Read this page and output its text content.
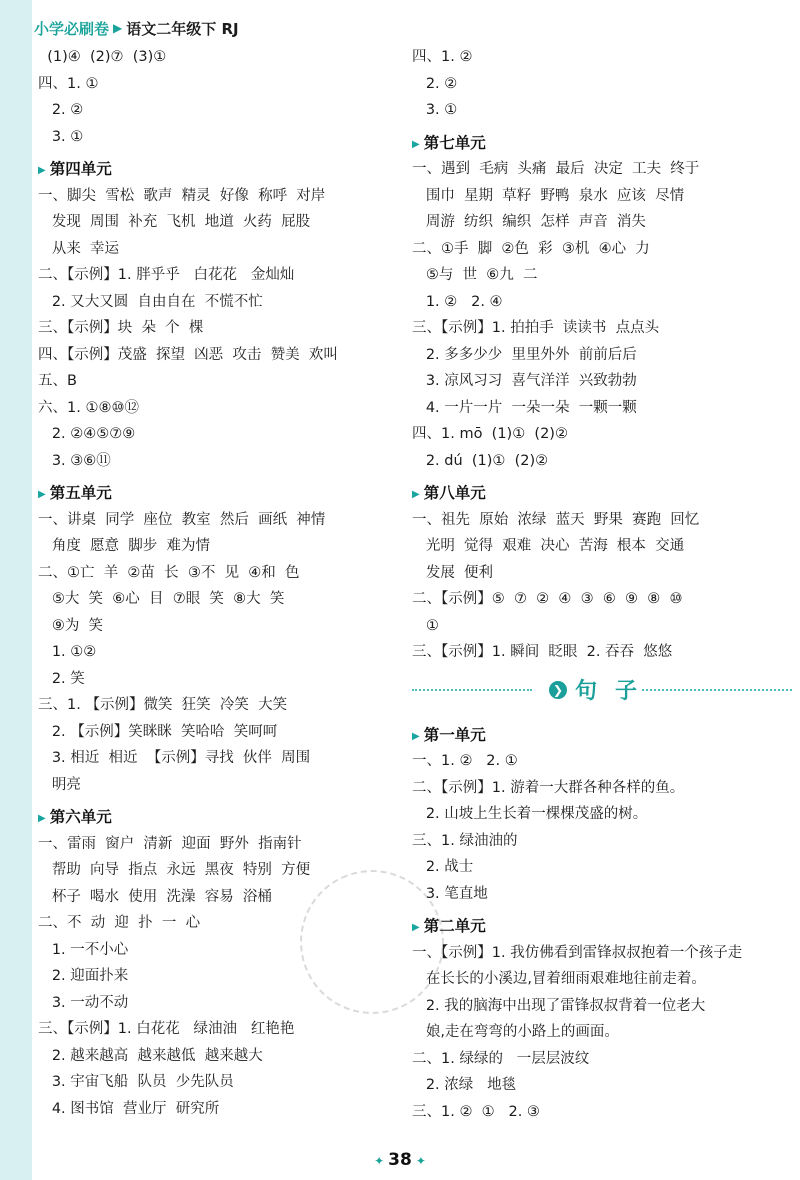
小学必刷卷 ▶ 语文二年级下 RJ
(1)④  (2)⑦  (3)①
四、1. ①
2. ②
3. ①
▶ 第四单元
一、脚尖  雪松  歌声  精灵  好像  称呼  对岸
发现  周围  补充  飞机  地道  火药  屁股
从来  幸运
二、【示例】1. 胖乎乎   白花花   金灿灿
2. 又大又圆  自由自在  不慌不忙
三、【示例】块  朵  个  棵
四、【示例】茂盛  探望  凶恶  攻击  赞美  欢叫
五、B
六、1. ①⑧⑩⑫
2. ②④⑤⑦⑨
3. ③⑥⑪
▶ 第五单元
一、讲桌  同学  座位  教室  然后  画纸  神情
角度  愿意  脚步  难为情
二、①亡  羊  ②苗  长  ③不  见  ④和  色
⑤大  笑  ⑥心  目  ⑦眼  笑  ⑧大  笑
⑨为  笑
1. ①②
2. 笑
三、1. 【示例】微笑  狂笑  冷笑  大笑
2. 【示例】笑眯眯  笑哈哈  笑呵呵
3. 相近  相近  【示例】寻找  伙伴  周围
明亮
▶ 第六单元
一、雷雨  窗户  清新  迎面  野外  指南针
帮助  向导  指点  永远  黑夜  特别  方便
杯子  喝水  使用  洗澡  容易  浴桶
二、不  动  迎  扑  一  心
1. 一不小心
2. 迎面扑来
3. 一动不动
三、【示例】1. 白花花   绿油油   红艳艳
2. 越来越高  越来越低  越来越大
3. 宇宙飞船  队员  少先队员
4. 图书馆  营业厅  研究所
四、1. ②
2. ②
3. ①
▶ 第七单元
一、遇到  毛病  头痛  最后  决定  工夫  终于
围巾  星期  草籽  野鸭  泉水  应该  尽情
周游  纺织  编织  怎样  声音  消失
二、①手  脚  ②色  彩  ③机  ④心  力
⑤与  世  ⑥九  二
1. ②   2. ④
三、【示例】1. 拍拍手  读读书  点点头
2. 多多少少  里里外外  前前后后
3. 凉风习习  喜气洋洋  兴致勃勃
4. 一片一片  一朵一朵  一颗一颗
四、1. mō  (1)①  (2)②
2. dú  (1)①  (2)②
▶ 第八单元
一、祖先  原始  浓绿  蓝天  野果  赛跑  回忆
光明  觉得  艰难  决心  苦海  根本  交通
发展  便利
二、【示例】⑤  ⑦  ②  ④  ③  ⑥  ⑨  ⑧  ⑩
①
三、【示例】1. 瞬间  眨眼  2. 吞吞  悠悠
❯ 句子
▶ 第一单元
一、1. ②   2. ①
二、【示例】1. 游着一大群各种各样的鱼。
2. 山坡上生长着一棵棵茂盛的树。
三、1. 绿油油的
2. 战士
3. 笔直地
▶ 第二单元
一、【示例】1. 我仿佛看到雷锋叔叔抱着一个孩子走
在长长的小溪边,冒着细雨艰难地往前走着。
2. 我的脑海中出现了雷锋叔叔背着一位老大
娘,走在弯弯的小路上的画面。
二、1. 绿绿的   一层层波纹
2. 浓绿   地毯
三、1. ②  ①   2. ③
✦ 38 ✦
